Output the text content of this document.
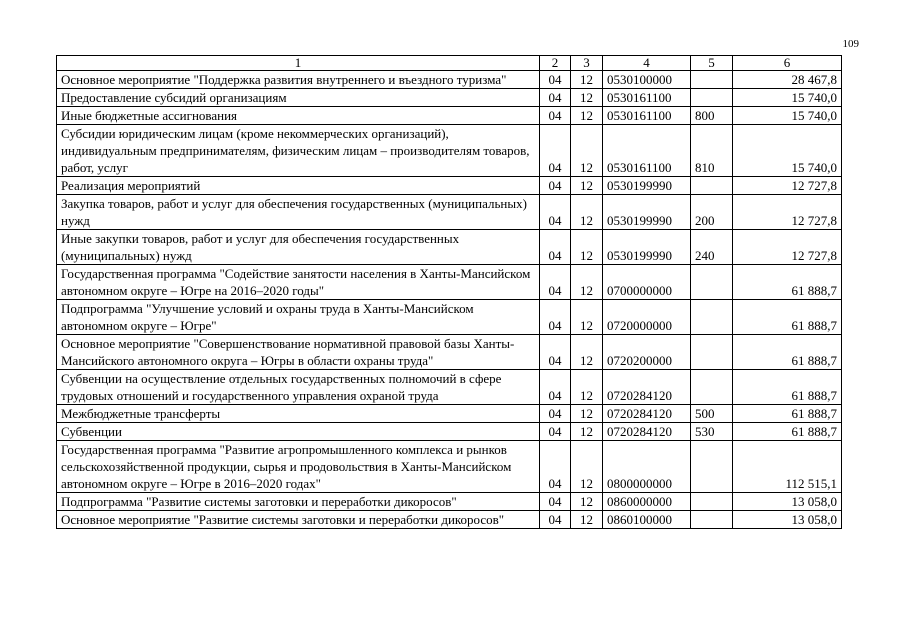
109
1	2	3	4	5	6
Основное мероприятие "Поддержка развития внутреннего и въездного туризма"	04	12	0530100000		28 467,8
Предоставление субсидий организациям	04	12	0530161100		15 740,0
Иные бюджетные ассигнования	04	12	0530161100	800	15 740,0
Субсидии юридическим лицам (кроме некоммерческих организаций), индивидуальным предпринимателям, физическим лицам – производителям товаров, работ, услуг	04	12	0530161100	810	15 740,0
Реализация мероприятий	04	12	0530199990		12 727,8
Закупка товаров, работ и услуг для обеспечения государственных (муниципальных) нужд	04	12	0530199990	200	12 727,8
Иные закупки товаров, работ и услуг для обеспечения государственных (муниципальных) нужд	04	12	0530199990	240	12 727,8
Государственная программа "Содействие занятости населения в Ханты-Мансийском автономном округе – Югре на 2016–2020 годы"	04	12	0700000000		61 888,7
Подпрограмма "Улучшение условий и охраны труда в Ханты-Мансийском автономном округе – Югре"	04	12	0720000000		61 888,7
Основное мероприятие "Совершенствование нормативной правовой базы Ханты-Мансийского автономного округа – Югры в области охраны труда"	04	12	0720200000		61 888,7
Субвенции на осуществление отдельных государственных полномочий в сфере трудовых отношений и государственного управления охраной труда	04	12	0720284120		61 888,7
Межбюджетные трансферты	04	12	0720284120	500	61 888,7
Субвенции	04	12	0720284120	530	61 888,7
Государственная программа "Развитие агропромышленного комплекса и рынков сельскохозяйственной продукции, сырья и продовольствия в Ханты-Мансийском автономном округе – Югре в 2016–2020 годах"	04	12	0800000000		112 515,1
Подпрограмма "Развитие системы заготовки и переработки дикоросов"	04	12	0860000000		13 058,0
Основное мероприятие "Развитие системы заготовки и переработки дикоросов"	04	12	0860100000		13 058,0
